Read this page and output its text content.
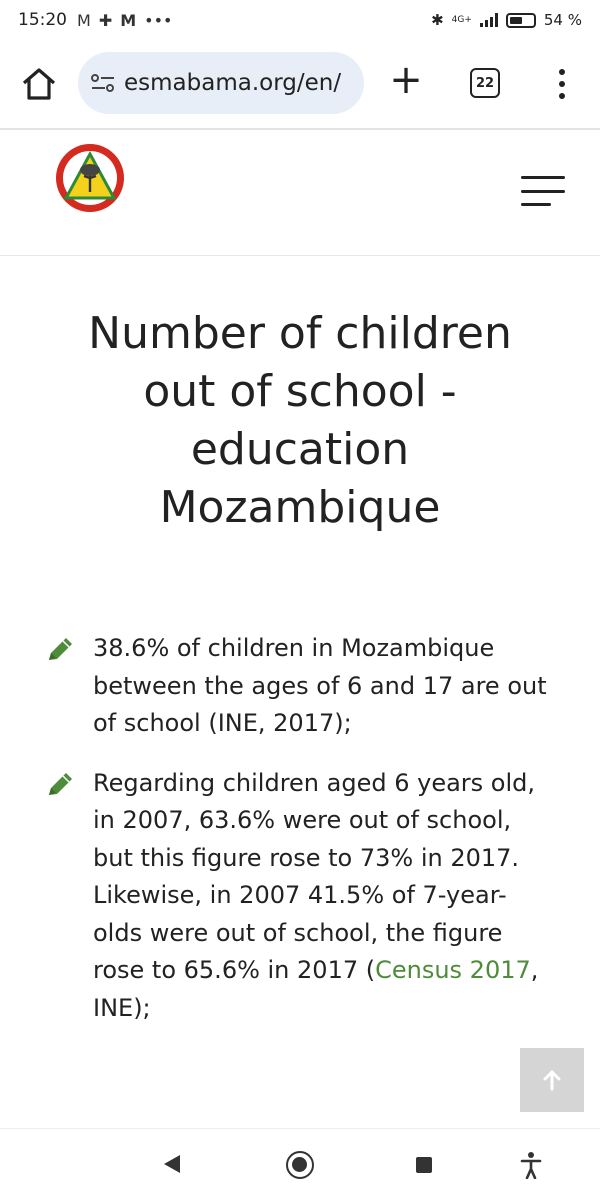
15:20 M ✚ M •••	✱ 4G+	54 %
esmabama.org/en/ +	22
Number of children out of school - education Mozambique
38.6% of children in Mozambique between the ages of 6 and 17 are out of school (INE, 2017);
Regarding children aged 6 years old, in 2007, 63.6% were out of school, but this figure rose to 73% in 2017. Likewise, in 2007 41.5% of 7-year-olds were out of school, the figure rose to 65.6% in 2017 (Census 2017, INE);
